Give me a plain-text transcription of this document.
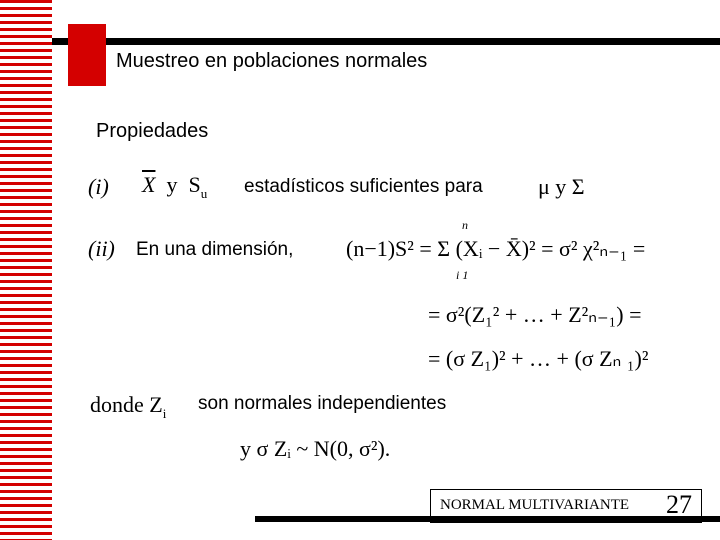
Muestreo en poblaciones normales
Propiedades
(i) $\overline{X}$  y  $S_u$ estadísticos suficientes para	μ y Σ
(ii) En una dimensión,
n
(n−1)S² = Σ (Xᵢ − X̄)² = σ² χ²ₙ₋₁ =
i 1
= σ²(Z₁² + … + Z²ₙ₋₁) =
= (σ Z₁)² + … + (σ Zₙ ₁)²
donde $Z_i$ son normales independientes
y σ Zᵢ ~ N(0, σ²).
NORMAL MULTIVARIANTE 27
